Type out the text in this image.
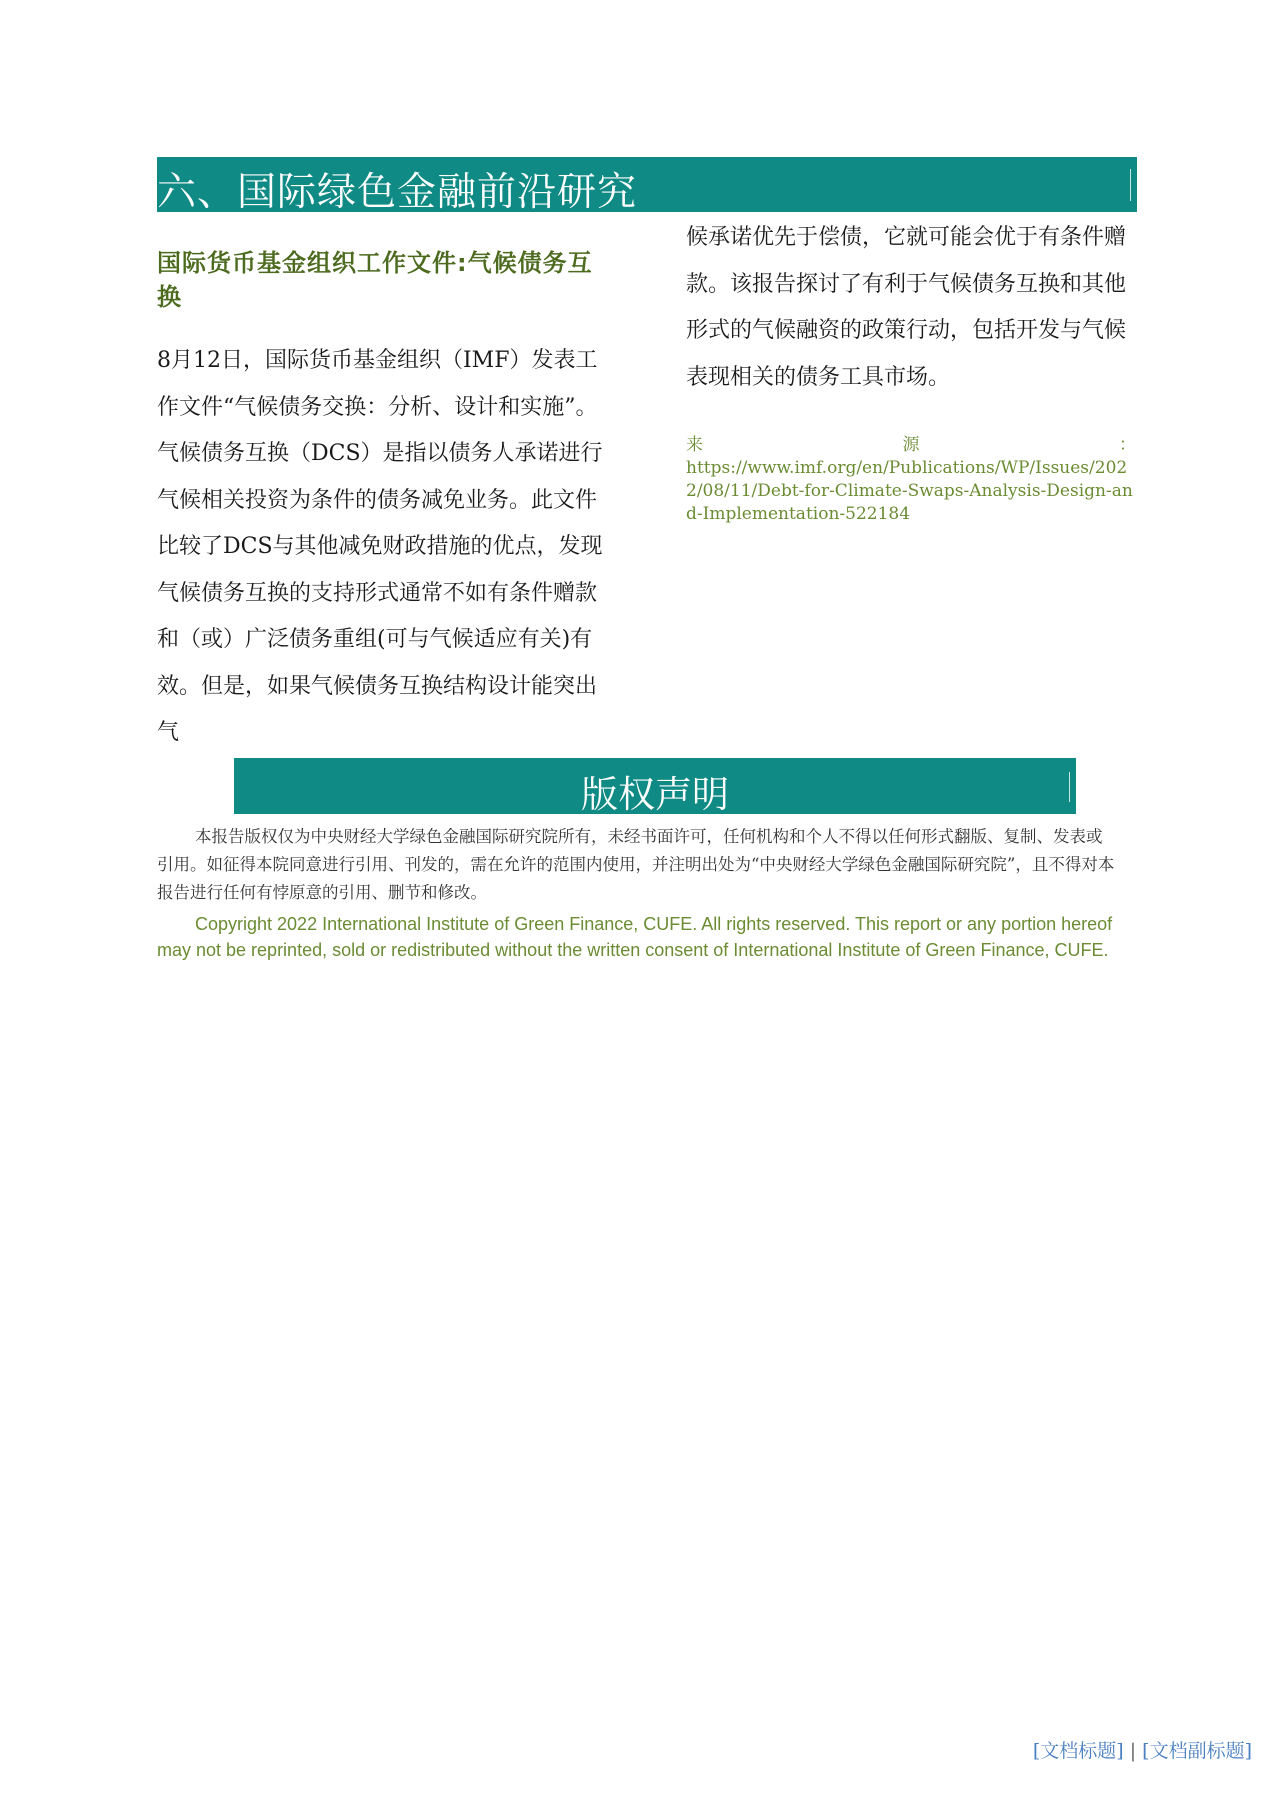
六、国际绿色金融前沿研究
国际货币基金组织工作文件:气候债务互换

8月12日，国际货币基金组织（IMF）发表工作文件“气候债务交换：分析、设计和实施”。气候债务互换（DCS）是指以债务人承诺进行气候相关投资为条件的债务减免业务。此文件比较了DCS与其他减免财政措施的优点，发现气候债务互换的支持形式通常不如有条件赠款和（或）广泛债务重组(可与气候适应有关)有效。但是，如果气候债务互换结构设计能突出气

候承诺优先于偿债，它就可能会优于有条件赠款。该报告探讨了有利于气候债务互换和其他形式的气候融资的政策行动，包括开发与气候表现相关的债务工具市场。

来	源	：
https://www.imf.org/en/Publications/WP/Issues/2022/08/11/Debt-for-Climate-Swaps-Analysis-Design-and-Implementation-522184
版权声明

本报告版权仅为中央财经大学绿色金融国际研究院所有，未经书面许可，任何机构和个人不得以任何形式翻版、复制、发表或引用。如征得本院同意进行引用、刊发的，需在允许的范围内使用，并注明出处为“中央财经大学绿色金融国际研究院”，且不得对本报告进行任何有悖原意的引用、删节和修改。

Copyright 2022 International Institute of Green Finance, CUFE. All rights reserved. This report or any portion hereof may not be reprinted, sold or redistributed without the written consent of International Institute of Green Finance, CUFE.

[文档标题] | [文档副标题]
